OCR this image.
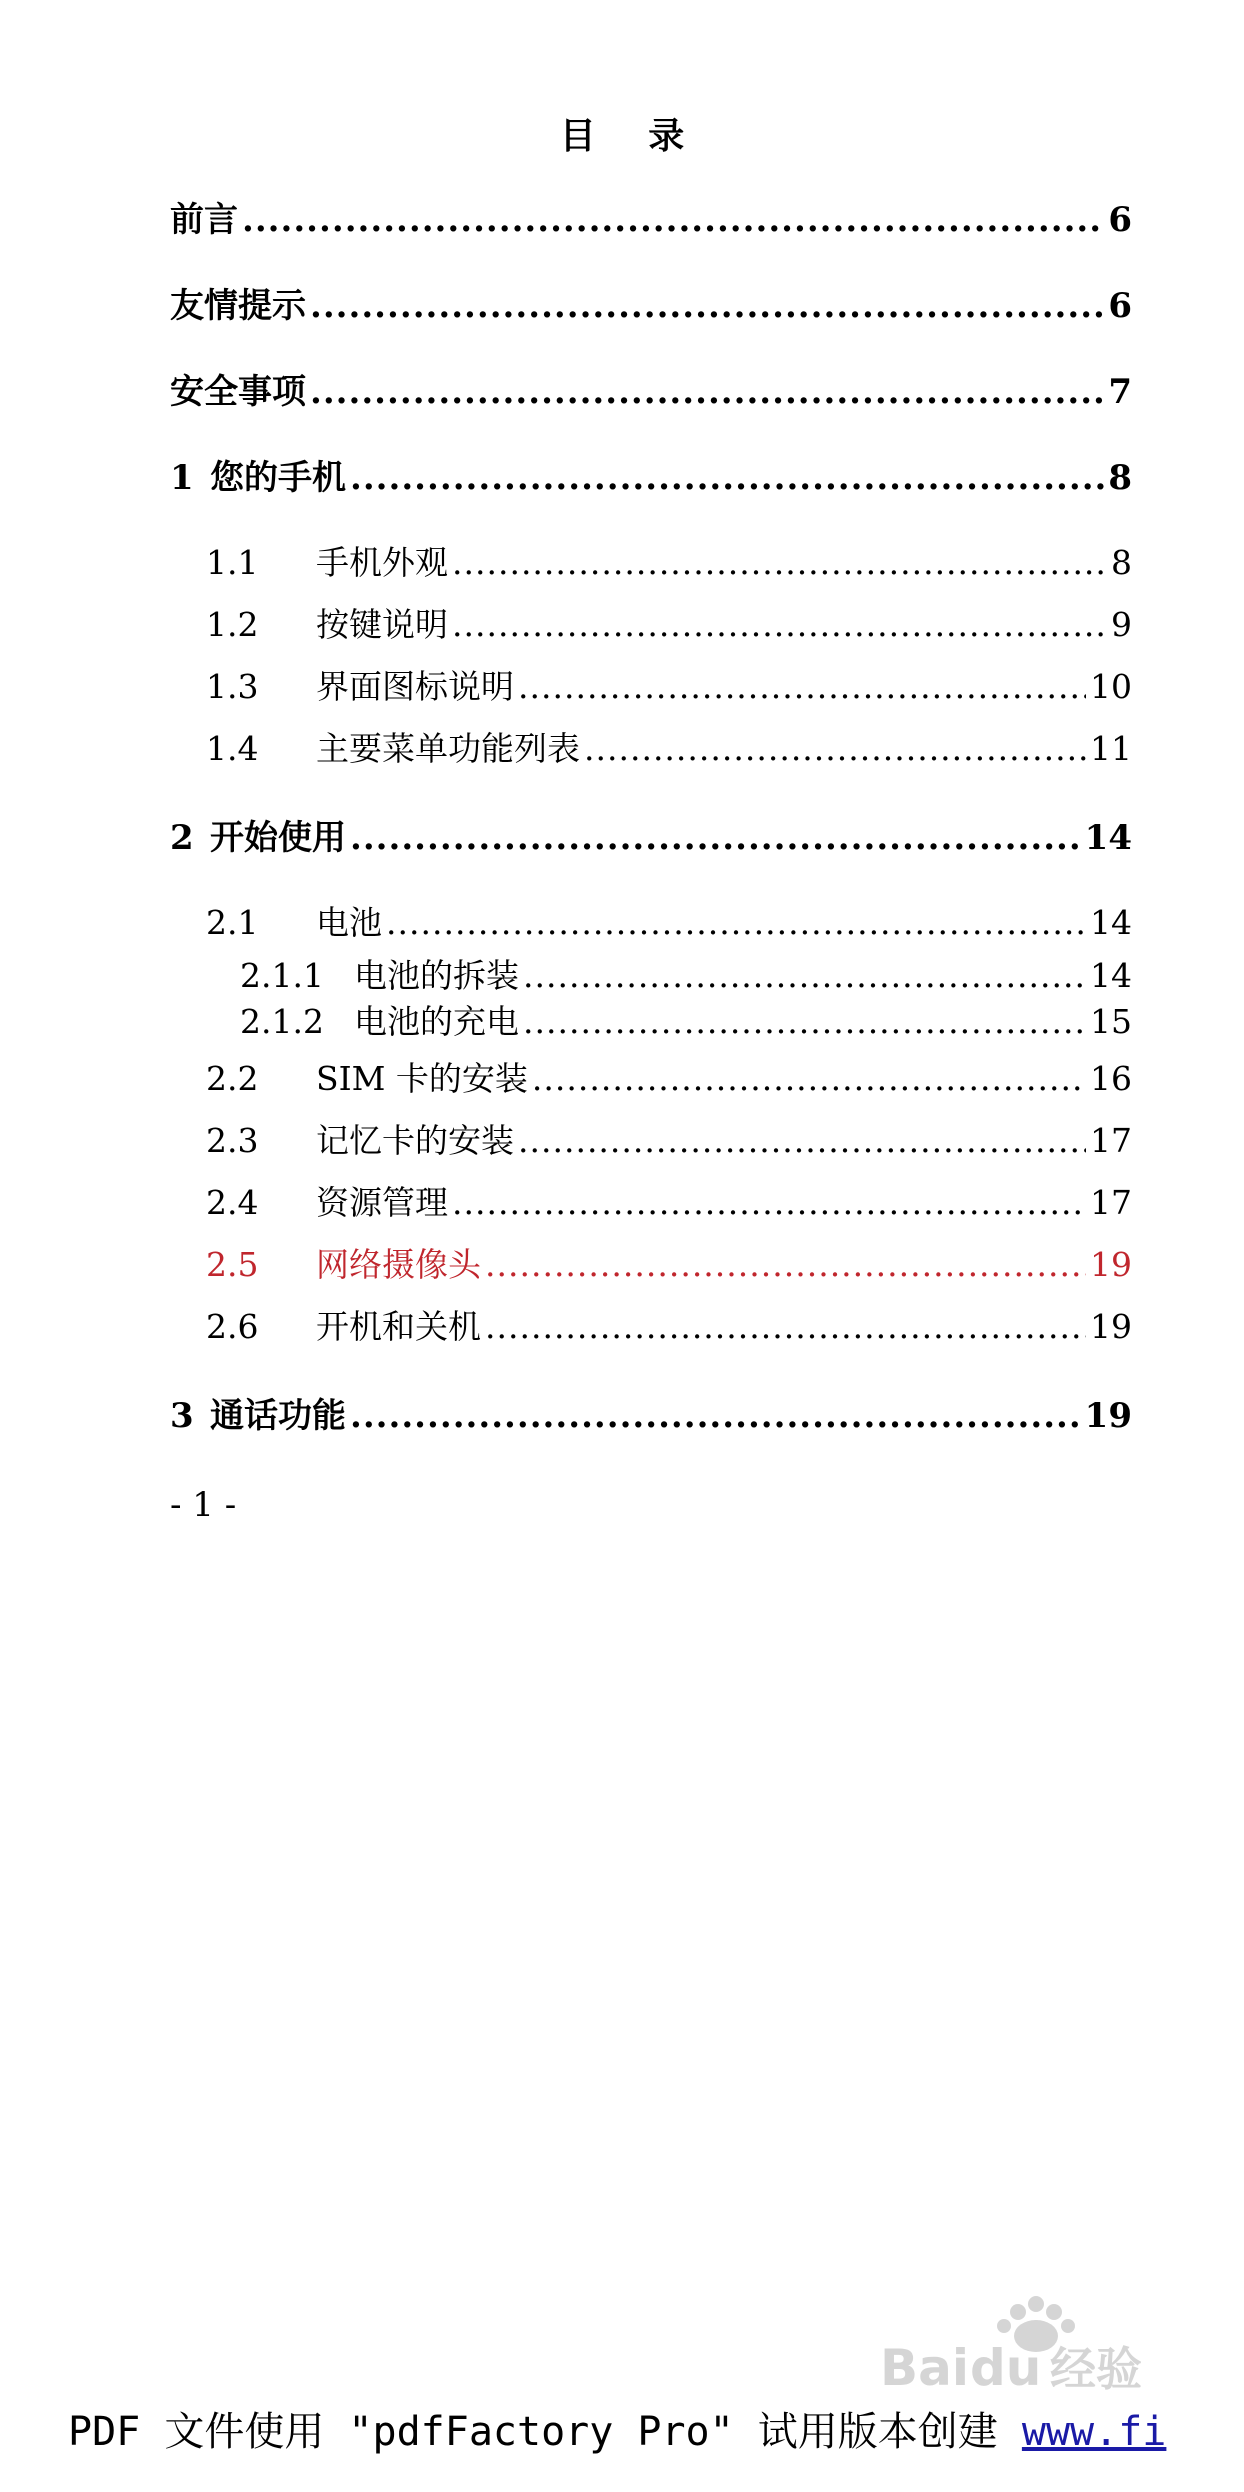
目 录
前言 .....	6
友情提示 .....	6
安全事项 .....	7
1 您的手机 .....	8
1.1	手机外观 .....	8
1.2	按键说明 .....	9
1.3	界面图标说明 .....	10
1.4	主要菜单功能列表 .....	11
2 开始使用 .....	14
2.1	电池 .....	14
2.1.1 电池的拆装 .....	14
2.1.2 电池的充电 .....	15
2.2	SIM 卡的安装 .....	16
2.3	记忆卡的安装 .....	17
2.4	资源管理 .....	17
2.5	网络摄像头 .....	19
2.6	开机和关机 .....	19
3 通话功能 .....	19
- 1 -
Bai du 经验
PDF 文件使用 "pdfFactory Pro" 试用版本创建 www.fi
